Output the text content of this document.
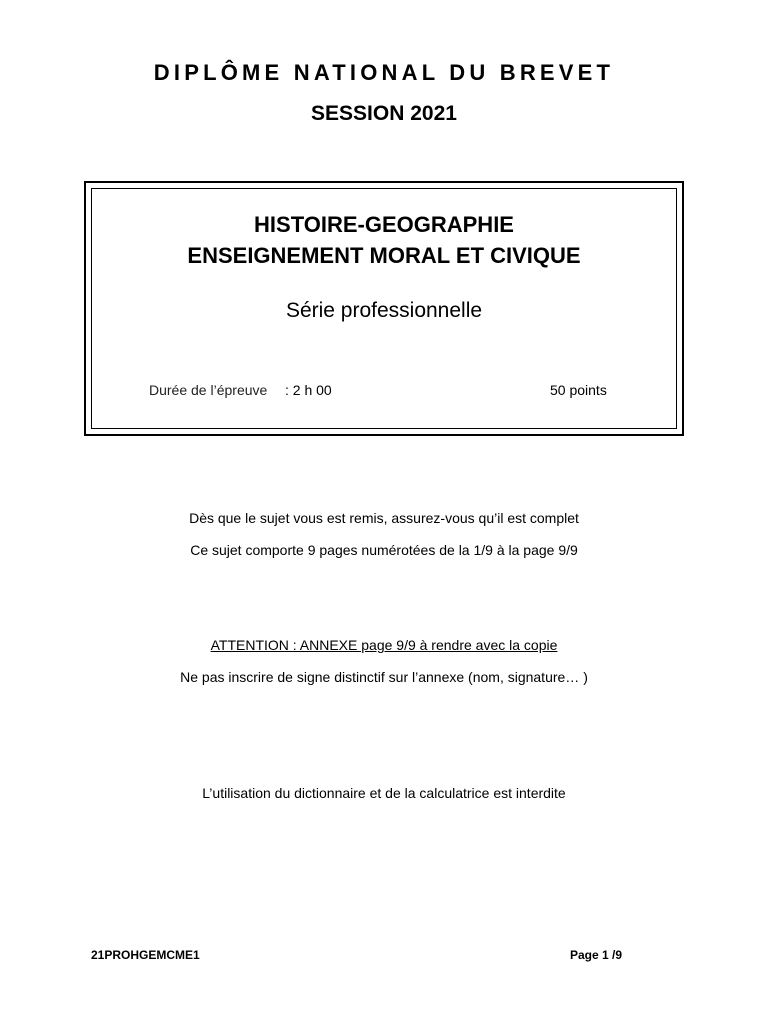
DIPLÔME NATIONAL DU BREVET
SESSION 2021
HISTOIRE-GEOGRAPHIE
ENSEIGNEMENT MORAL ET CIVIQUE
Série professionnelle
Durée de l’épreuve : 2 h 00	50 points
Dès que le sujet vous est remis, assurez-vous qu’il est complet
Ce sujet comporte 9 pages numérotées de la 1/9 à la page 9/9
ATTENTION : ANNEXE page 9/9 à rendre avec la copie
Ne pas inscrire de signe distinctif sur l’annexe (nom, signature… )
L’utilisation du dictionnaire et de la calculatrice est interdite
21PROHGEMCME1	Page 1 /9
